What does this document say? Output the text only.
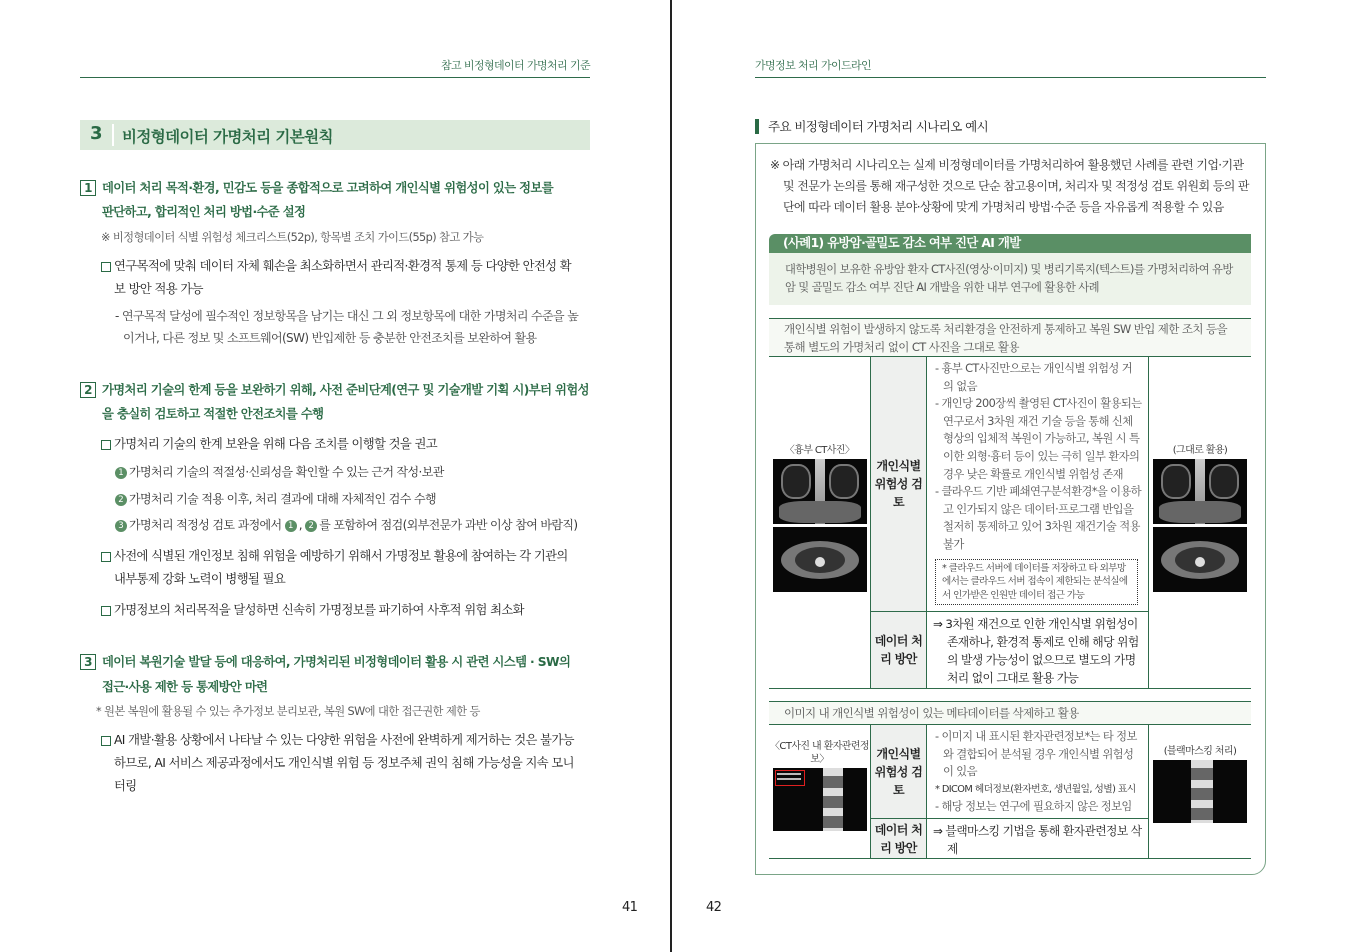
참고 비정형데이터 가명처리 기준
3 비정형데이터 가명처리 기본원칙
1 데이터 처리 목적·환경, 민감도 등을 종합적으로 고려하여 개인식별 위험성이 있는 정보를 판단하고, 합리적인 처리 방법·수준 설정
※ 비정형데이터 식별 위험성 체크리스트(52p), 항목별 조치 가이드(55p) 참고 가능
연구목적에 맞춰 데이터 자체 훼손을 최소화하면서 관리적·환경적 통제 등 다양한 안전성 확보 방안 적용 가능
- 연구목적 달성에 필수적인 정보항목을 남기는 대신 그 외 정보항목에 대한 가명처리 수준을 높이거나, 다른 정보 및 소프트웨어(SW) 반입제한 등 충분한 안전조치를 보완하여 활용
2 가명처리 기술의 한계 등을 보완하기 위해, 사전 준비단계(연구 및 기술개발 기획 시)부터 위험성을 충실히 검토하고 적절한 안전조치를 수행
가명처리 기술의 한계 보완을 위해 다음 조치를 이행할 것을 권고
1 가명처리 기술의 적절성·신뢰성을 확인할 수 있는 근거 작성·보관
2 가명처리 기술 적용 이후, 처리 결과에 대해 자체적인 검수 수행
3 가명처리 적정성 검토 과정에서 1 , 2 를 포함하여 점검(외부전문가 과반 이상 참여 바람직)
사전에 식별된 개인정보 침해 위험을 예방하기 위해서 가명정보 활용에 참여하는 각 기관의 내부통제 강화 노력이 병행될 필요
가명정보의 처리목적을 달성하면 신속히 가명정보를 파기하여 사후적 위험 최소화
3 데이터 복원기술 발달 등에 대응하여, 가명처리된 비정형데이터 활용 시 관련 시스템 · SW의 접근·사용 제한 등 통제방안 마련
* 원본 복원에 활용될 수 있는 추가정보 분리보관, 복원 SW에 대한 접근권한 제한 등
AI 개발·활용 상황에서 나타날 수 있는 다양한 위험을 사전에 완벽하게 제거하는 것은 불가능하므로, AI 서비스 제공과정에서도 개인식별 위험 등 정보주체 권익 침해 가능성을 지속 모니터링
41
가명정보 처리 가이드라인
주요 비정형데이터 가명처리 시나리오 예시
※ 아래 가명처리 시나리오는 실제 비정형데이터를 가명처리하여 활용했던 사례를 관련 기업·기관 및 전문가 논의를 통해 재구성한 것으로 단순 참고용이며, 처리자 및 적정성 검토 위원회 등의 판단에 따라 데이터 활용 분야·상황에 맞게 가명처리 방법·수준 등을 자유롭게 적용할 수 있음
(사례1) 유방암·골밀도 감소 여부 진단 AI 개발
대학병원이 보유한 유방암 환자 CT사진(영상·이미지) 및 병리기록지(텍스트)를 가명처리하여 유방암 및 골밀도 감소 여부 진단 AI 개발을 위한 내부 연구에 활용한 사례
개인식별 위험이 발생하지 않도록 처리환경을 안전하게 통제하고 복원 SW 반입 제한 조치 등을 통해 별도의 가명처리 없이 CT 사진을 그대로 활용
〈흉부 CT사진〉
개인식별 위험성 검토
- 흉부 CT사진만으로는 개인식별 위험성 거의 없음
- 개인당 200장씩 촬영된 CT사진이 활용되는 연구로서 3차원 재건 기술 등을 통해 신체 형상의 입체적 복원이 가능하고, 복원 시 특이한 외형·흉터 등이 있는 극히 일부 환자의 경우 낮은 확률로 개인식별 위험성 존재
- 클라우드 기반 폐쇄연구분석환경*을 이용하고 인가되지 않은 데이터·프로그램 반입을 철저히 통제하고 있어 3차원 재건기술 적용 불가
* 클라우드 서버에 데이터를 저장하고 타 외부망에서는 클라우드 서버 접속이 제한되는 분석실에서 인가받은 인원만 데이터 접근 가능
데이터 처리 방안
⇒ 3차원 재건으로 인한 개인식별 위험성이 존재하나, 환경적 통제로 인해 해당 위험의 발생 가능성이 없으므로 별도의 가명처리 없이 그대로 활용 가능
(그대로 활용)
이미지 내 개인식별 위험성이 있는 메타데이터를 삭제하고 활용
〈CT사진 내 환자관련정보〉	개인식별 위험성 검토
- 이미지 내 표시된 환자관련정보*는 타 정보와 결합되어 분석될 경우 개인식별 위험성이 있음
* DICOM 헤더정보(환자번호, 생년월일, 성별) 표시
- 해당 정보는 연구에 필요하지 않은 정보임
데이터 처리 방안
⇒ 블랙마스킹 기법을 통해 환자관련정보 삭제
(블랙마스킹 처리)
42
